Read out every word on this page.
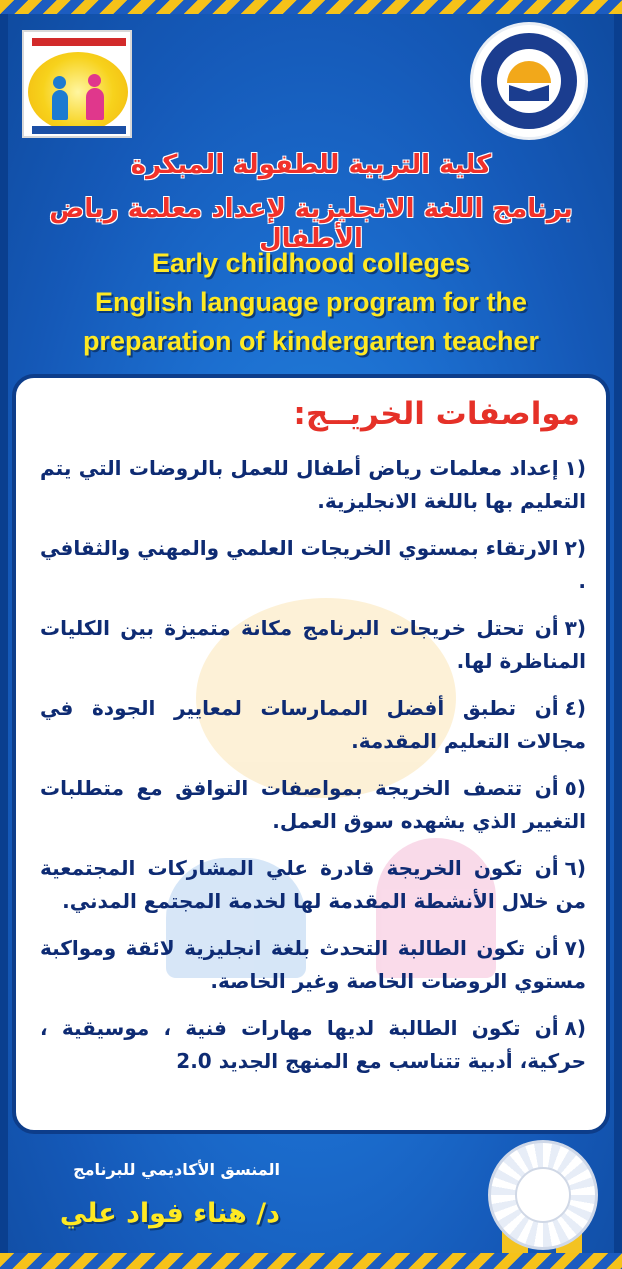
كلية التربية للطفولة المبكرة
برنامج اللغة الانجليزية لإعداد معلمة رياض الأطفال
Early childhood colleges
English language program for the
preparation of kindergarten teacher
مواصفات الخريــج:
(١إعداد معلمات رياض أطفال للعمل بالروضات التي يتم التعليم بها باللغة الانجليزية.
(٢الارتقاء بمستوي الخريجات العلمي والمهني والثقافي .
(٣أن تحتل خريجات البرنامج مكانة متميزة بين الكليات المناظرة لها.
(٤أن تطبق أفضل الممارسات لمعايير الجودة في مجالات التعليم المقدمة.
(٥أن تتصف الخريجة بمواصفات التوافق مع متطلبات التغيير الذي يشهده سوق العمل.
(٦أن تكون الخريجة قادرة علي المشاركات المجتمعية من خلال الأنشطة المقدمة لها لخدمة المجتمع المدني.
(٧أن تكون الطالبة التحدث بلغة انجليزية لائقة ومواكبة مستوي الروضات الخاصة وغير الخاصة.
(٨أن تكون الطالبة لديها مهارات فنية ، موسيقية ، حركية، أدبية تتناسب مع المنهج الجديد 2.0
المنسق الأكاديمي للبرنامج
د/ هناء فواد علي
